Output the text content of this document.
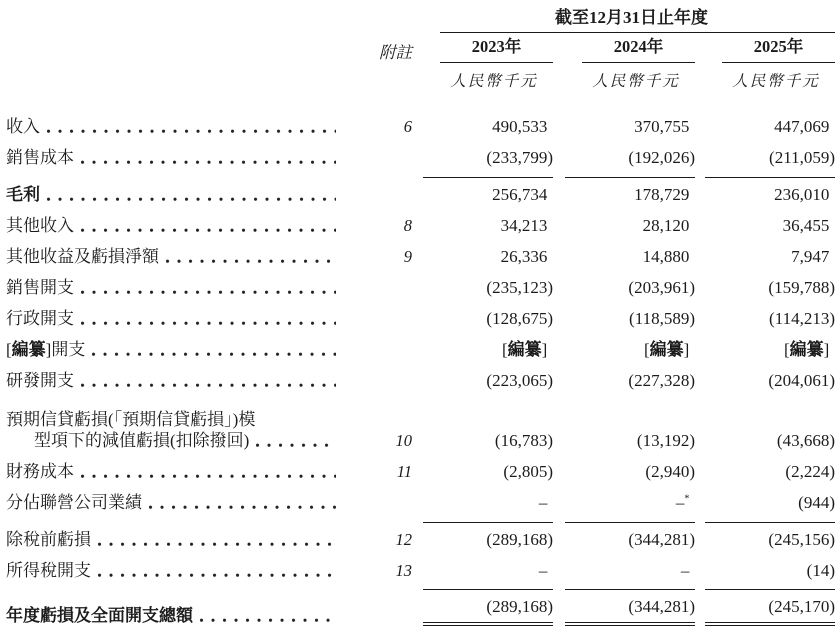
截至12月31日止年度
附註	2023年	2024年	2025年
人民幣千元	人民幣千元	人民幣千元
收入	6	490,533	370,755	447,069
銷售成本	(233,799)	(192,026)	(211,059)
毛利	256,734	178,729	236,010
其他收入	8	34,213	28,120	36,455
其他收益及虧損淨額	9	26,336	14,880	7,947
銷售開支	(235,123)	(203,961)	(159,788)
行政開支	(128,675)	(118,589)	(114,213)
[編纂]開支	[編纂]	[編纂]	[編纂]
研發開支	(223,065)	(227,328)	(204,061)
預期信貸虧損(「預期信貸虧損」)模
型項下的減值虧損(扣除撥回)	10	(16,783)	(13,192)	(43,668)
財務成本	11	(2,805)	(2,940)	(2,224)
分佔聯營公司業績	–	–*	(944)
除稅前虧損	12	(289,168)	(344,281)	(245,156)
所得稅開支	13	–	–	(14)
年度虧損及全面開支總額	(289,168)	(344,281)	(245,170)
